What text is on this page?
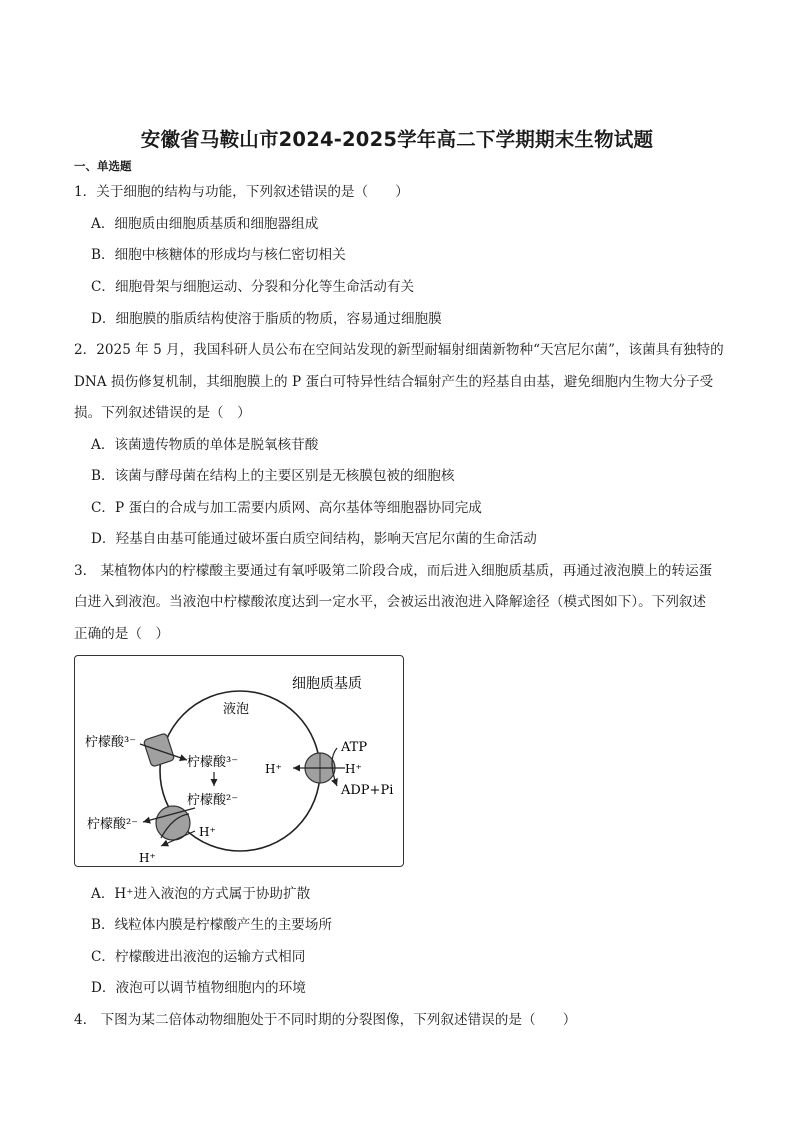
安徽省马鞍山市2024-2025学年高二下学期期末生物试题
一、单选题
1．关于细胞的结构与功能，下列叙述错误的是（　　）
A．细胞质由细胞质基质和细胞器组成
B．细胞中核糖体的形成均与核仁密切相关
C．细胞骨架与细胞运动、分裂和分化等生命活动有关
D．细胞膜的脂质结构使溶于脂质的物质，容易通过细胞膜
2．2025 年 5 月，我国科研人员公布在空间站发现的新型耐辐射细菌新物种“天宫尼尔菌”，该菌具有独特的
DNA 损伤修复机制，其细胞膜上的 P 蛋白可特异性结合辐射产生的羟基自由基，避免细胞内生物大分子受
损。下列叙述错误的是（　）
A．该菌遗传物质的单体是脱氧核苷酸
B．该菌与酵母菌在结构上的主要区别是无核膜包被的细胞核
C．P 蛋白的合成与加工需要内质网、高尔基体等细胞器协同完成
D．羟基自由基可能通过破坏蛋白质空间结构，影响天宫尼尔菌的生命活动
3.　某植物体内的柠檬酸主要通过有氧呼吸第二阶段合成，而后进入细胞质基质，再通过液泡膜上的转运蛋
白进入到液泡。当液泡中柠檬酸浓度达到一定水平，会被运出液泡进入降解途径（模式图如下）。下列叙述
正确的是（　）
细胞质基质
液泡
柠檬酸³⁻
柠檬酸³⁻
柠檬酸²⁻
柠檬酸²⁻	H⁺
H⁺
ATP
ADP+Pi
H⁺	H⁺
A．H⁺进入液泡的方式属于协助扩散
B．线粒体内膜是柠檬酸产生的主要场所
C．柠檬酸进出液泡的运输方式相同
D．液泡可以调节植物细胞内的环境
4.　下图为某二倍体动物细胞处于不同时期的分裂图像，下列叙述错误的是（　　）
